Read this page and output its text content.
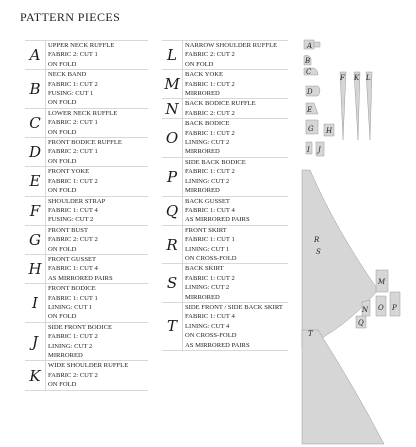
PATTERN PIECES
A
UPPER NECK RUFFLE
FABRIC 2: CUT 1
ON FOLD
B
NECK BAND
FABRIC 1: CUT 2
FUSING: CUT 1
ON FOLD
C
LOWER NECK RUFFLE
FABRIC 2: CUT 1
ON FOLD
D
FRONT BODICE RUFFLE
FABRIC 2: CUT 1
ON FOLD
E
FRONT YOKE
FABRIC 1: CUT 2
ON FOLD
F
SHOULDER STRAP
FABRIC 1: CUT 4
FUSING: CUT 2
G
FRONT BUST
FABRIC 2: CUT 2
ON FOLD
H
FRONT GUSSET
FABRIC 1: CUT 4
AS MIRRORED PAIRS
I
FRONT BODICE
FABRIC 1: CUT 1
LINING: CUT 1
ON FOLD
J
SIDE FRONT BODICE
FABRIC 1: CUT 2
LINING: CUT 2
MIRRORED
K
WIDE SHOULDER RUFFLE
FABRIC 2: CUT 2
ON FOLD
L
NARROW SHOULDER RUFFLE
FABRIC 2: CUT 2
ON FOLD
M
BACK YOKE
FABRIC 1: CUT 2
MIRRORED
N BACK BODICE RUFFLE
FABRIC 2: CUT 2
O
BACK BODICE
FABRIC 1: CUT 2
LINING: CUT 2
MIRRORED
P
SIDE BACK BODICE
FABRIC 1: CUT 2
LINING: CUT 2
MIRRORED
Q
BACK GUSSET
FABRIC 1: CUT 4
AS MIRRORED PAIRS
R
FRONT SKIRT
FABRIC 1: CUT 1
LINING: CUT 1
ON CROSS-FOLD
S
BACK SKIRT
FABRIC 1: CUT 2
LINING: CUT 2
MIRRORED
T
SIDE FRONT / SIDE BACK SKIRT
FABRIC 1: CUT 4
LINING: CUT 4
ON CROSS-FOLD
AS MIRRORED PAIRS
A
B
C
D
E
F K L
G H
I J
R
S
T
M
N O P
Q
